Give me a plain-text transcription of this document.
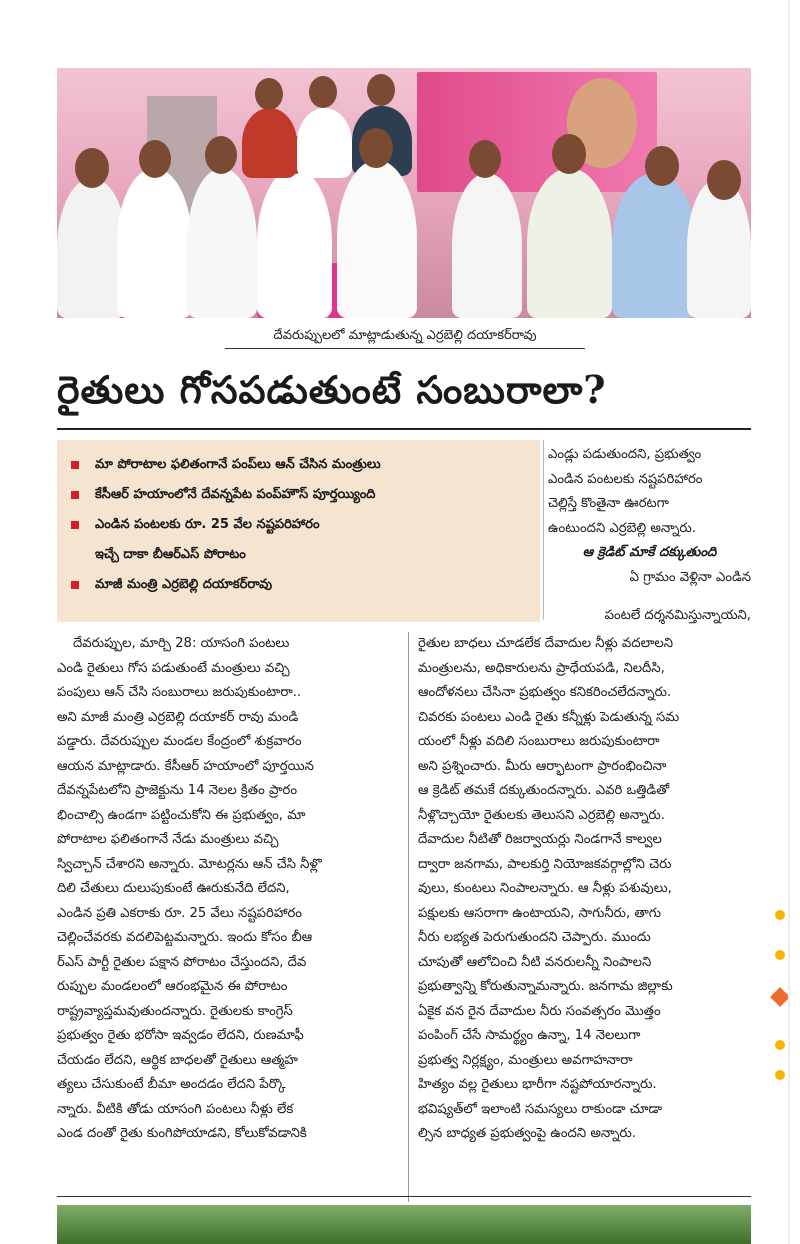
దేవరుప్పులలో మాట్లాడుతున్న ఎర్రబెల్లి దయాకర్‌రావు
రైతులు గోసపడుతుంటే సంబురాలా?
మా పోరాటాల ఫలితంగానే పంప్‌లు ఆన్‌ చేసిన మంత్రులు
కేసీఆర్‌ హయాంలోనే దేవన్నపేట పంప్‌హౌస్‌ పూర్తయ్యింది
ఎండిన పంటలకు రూ. 25 వేల నష్టపరిహారం
ఇచ్చే దాకా బీఆర్‌ఎస్‌ పోరాటం
మాజీ మంత్రి ఎర్రబెల్లి దయాకర్‌రావు

ఎండ్లు పడుతుందని, ప్రభుత్వం

ఎండిన పంటలకు నష్టపరిహారం

చెల్లిస్తే కొంతైనా ఊరటగా

ఉంటుందని ఎర్రబెల్లి అన్నారు.

ఆ క్రెడిట్‌ మాకే దక్కుతుంది

ఏ గ్రామం వెళ్లినా ఎండిన

పంటలే దర్శనమిస్తున్నాయని,

దేవరుప్పుల, మార్చి 28: యాసంగి పంటలు

ఎండి రైతులు గోస పడుతుంటే మంత్రులు వచ్చి

పంపులు ఆన్‌ చేసి సంబురాలు జరుపుకుంటారా..

అని మాజీ మంత్రి ఎర్రబెల్లి దయాకర్‌ రావు మండి

పడ్డారు. దేవరుప్పుల మండల కేంద్రంలో శుక్రవారం

ఆయన మాట్లాడారు. కేసీఆర్‌ హయాంలో పూర్తయిన

దేవన్నపేటలోని ప్రాజెక్టును 14 నెలల క్రితం ప్రారం

భించాల్సి ఉండగా పట్టించుకోని ఈ ప్రభుత్వం, మా

పోరాటాల ఫలితంగానే నేడు మంత్రులు వచ్చి

స్విచ్చాన్‌ చేశారని అన్నారు. మోటర్లను ఆన్‌ చేసి నీళ్లొ

దిలి చేతులు దులుపుకుంటే ఊరుకునేది లేదని,

ఎండిన ప్రతి ఎకరాకు రూ. 25 వేలు నష్టపరిహారం

చెల్లించేవరకు వదలిపెట్టమన్నారు. ఇందు కోసం బీఆ

ర్‌ఎస్‌ పార్టీ రైతుల పక్షాన పోరాటం చేస్తుందని, దేవ

రుప్పుల మండలంలో ఆరంభమైన ఈ పోరాటం

రాష్ట్రవ్యాప్తమవుతుందన్నారు. రైతులకు కాంగ్రెస్‌

ప్రభుత్వం రైతు భరోసా ఇవ్వడం లేదని, రుణమాఫీ

చేయడం లేదని, ఆర్థిక బాధలతో రైతులు ఆత్మహ

త్యలు చేసుకుంటే బీమా అందడం లేదని పేర్కొ

న్నారు. వీటికి తోడు యాసంగి పంటలు నీళ్లు లేక

ఎండ దంతో రైతు కుంగిపోయాడని, కోలుకోవడానికి

రైతుల బాధలు చూడలేక దేవాదుల నీళ్లు వదలాలని

మంత్రులను, అధికారులను ప్రాధేయపడి, నిలదీసి,

ఆందోళనలు చేసినా ప్రభుత్వం కనికరించలేదన్నారు.

చివరకు పంటలు ఎండి రైతు కన్నీళ్లు పెడుతున్న సమ

యంలో నీళ్లు వదిలి సంబురాలు జరుపుకుంటారా

అని ప్రశ్నించారు. మీరు ఆర్భాటంగా ప్రారంభించినా

ఆ క్రెడిట్‌ తమకే దక్కుతుందన్నారు. ఎవరి ఒత్తిడితో

నీళ్లొచ్చాయో రైతులకు తెలుసని ఎర్రబెల్లి అన్నారు.

దేవాదుల నీటితో రిజర్వాయర్లు నిండగానే కాల్వల

ద్వారా జనగామ, పాలకుర్తి నియోజకవర్గాల్లోని చెరు

వులు, కుంటలు నింపాలన్నారు. ఆ నీళ్లు పశువులు,

పక్షులకు ఆసరాగా ఉంటాయని, సాగునీరు, తాగు

నీరు లభ్యత పెరుగుతుందని చెప్పారు. ముందు

చూపుతో ఆలోచించి నీటి వనరులన్నీ నింపాలని

ప్రభుత్వాన్ని కోరుతున్నామన్నారు. జనగామ జిల్లాకు

ఏకైక వన రైన దేవాదుల నీరు సంవత్సరం మొత్తం

పంపింగ్‌ చేసే సామర్థ్యం ఉన్నా, 14 నెలలుగా

ప్రభుత్వ నిర్లక్ష్యం, మంత్రులు అవగాహనారా

హిత్యం వల్ల రైతులు భారీగా నష్టపోయారన్నారు.

భవిష్యత్‌లో ఇలాంటి సమస్యలు రాకుండా చూడా

ల్సిన బాధ్యత ప్రభుత్వంపై ఉందని అన్నారు.
